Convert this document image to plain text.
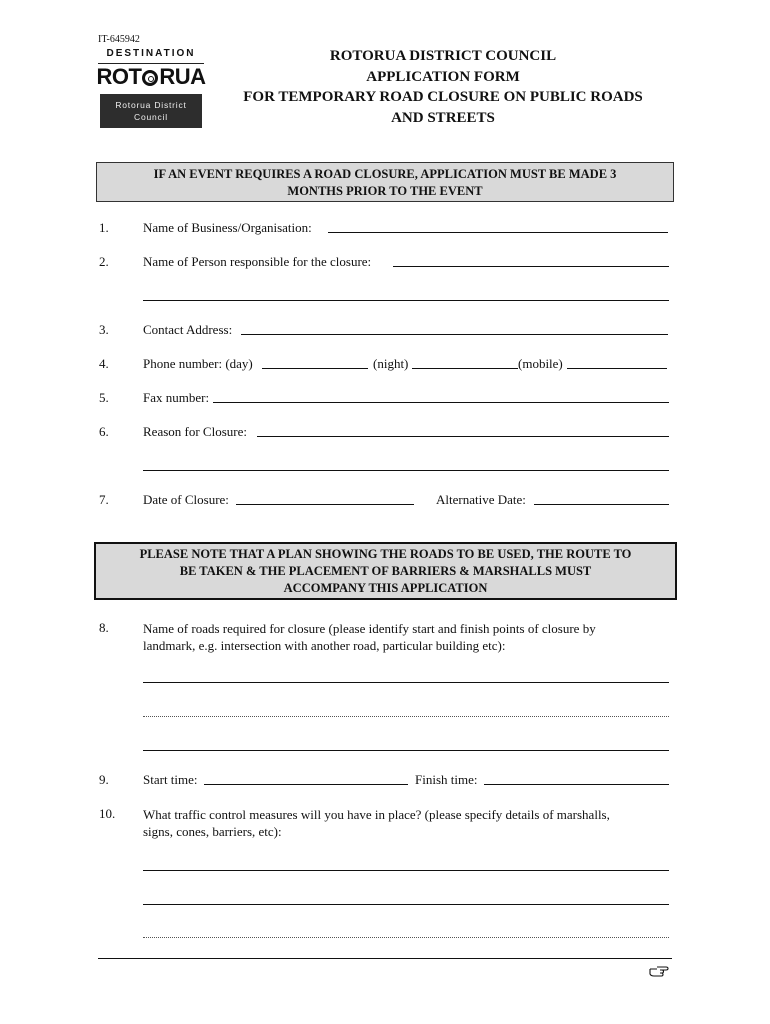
IT-645942
DESTINATION
ROT RUA
Rotorua District
Council
ROTORUA DISTRICT COUNCIL
APPLICATION FORM
FOR TEMPORARY ROAD CLOSURE ON PUBLIC ROADS
AND STREETS
IF AN EVENT REQUIRES A ROAD CLOSURE, APPLICATION MUST BE MADE 3
MONTHS PRIOR TO THE EVENT
1.	Name of Business/Organisation:
2.	Name of Person responsible for the closure:
3.	Contact Address:
4.	Phone number: (day)	(night)	(mobile)
5.	Fax number:
6.	Reason for Closure:
7.	Date of Closure:	Alternative Date:
PLEASE NOTE THAT A PLAN SHOWING THE ROADS TO BE USED, THE ROUTE TO
BE TAKEN & THE PLACEMENT OF BARRIERS & MARSHALLS MUST
ACCOMPANY THIS APPLICATION
8.	Name of roads required for closure (please identify start and finish points of closure by
landmark, e.g. intersection with another road, particular building etc):
9.	Start time:	Finish time:
10. What traffic control measures will you have in place? (please specify details of marshalls,
signs, cones, barriers, etc):
